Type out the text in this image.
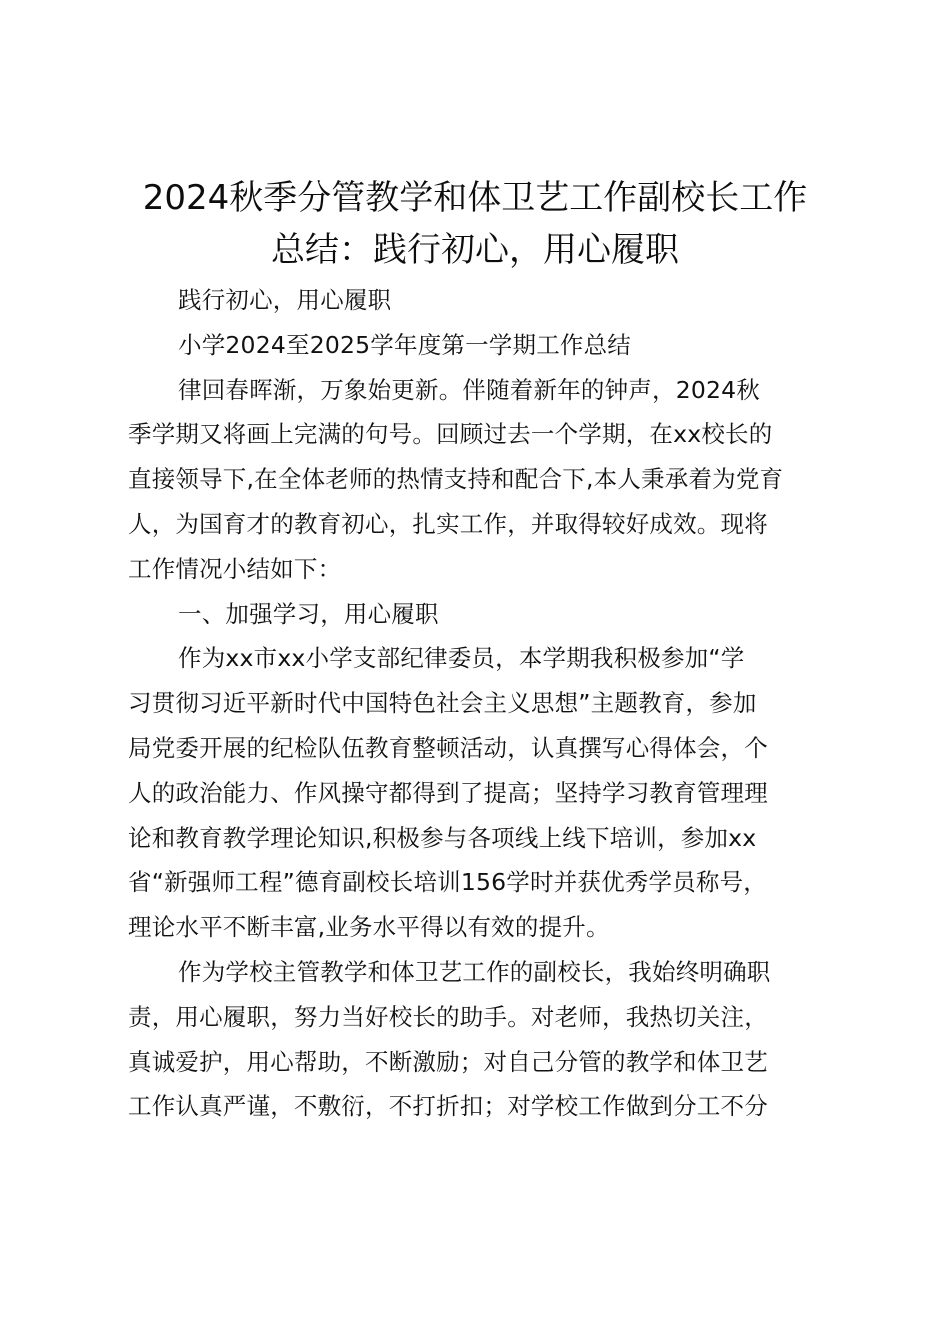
2024秋季分管教学和体卫艺工作副校长工作
总结：践行初心，用心履职

践行初心，用心履职

小学2024至2025学年度第一学期工作总结

律回春晖渐，万象始更新。伴随着新年的钟声，2024秋
季学期又将画上完满的句号。回顾过去一个学期，在xx校长的
直接领导下,在全体老师的热情支持和配合下,本人秉承着为党育
人，为国育才的教育初心，扎实工作，并取得较好成效。现将
工作情况小结如下：

一、加强学习，用心履职

作为xx市xx小学支部纪律委员，本学期我积极参加“学
习贯彻习近平新时代中国特色社会主义思想”主题教育，参加
局党委开展的纪检队伍教育整顿活动，认真撰写心得体会，个
人的政治能力、作风操守都得到了提高；坚持学习教育管理理
论和教育教学理论知识,积极参与各项线上线下培训，参加xx
省“新强师工程”德育副校长培训156学时并获优秀学员称号，
理论水平不断丰富,业务水平得以有效的提升。
作为学校主管教学和体卫艺工作的副校长，我始终明确职
责，用心履职，努力当好校长的助手。对老师，我热切关注，
真诚爱护，用心帮助，不断激励；对自己分管的教学和体卫艺
工作认真严谨，不敷衍，不打折扣；对学校工作做到分工不分
